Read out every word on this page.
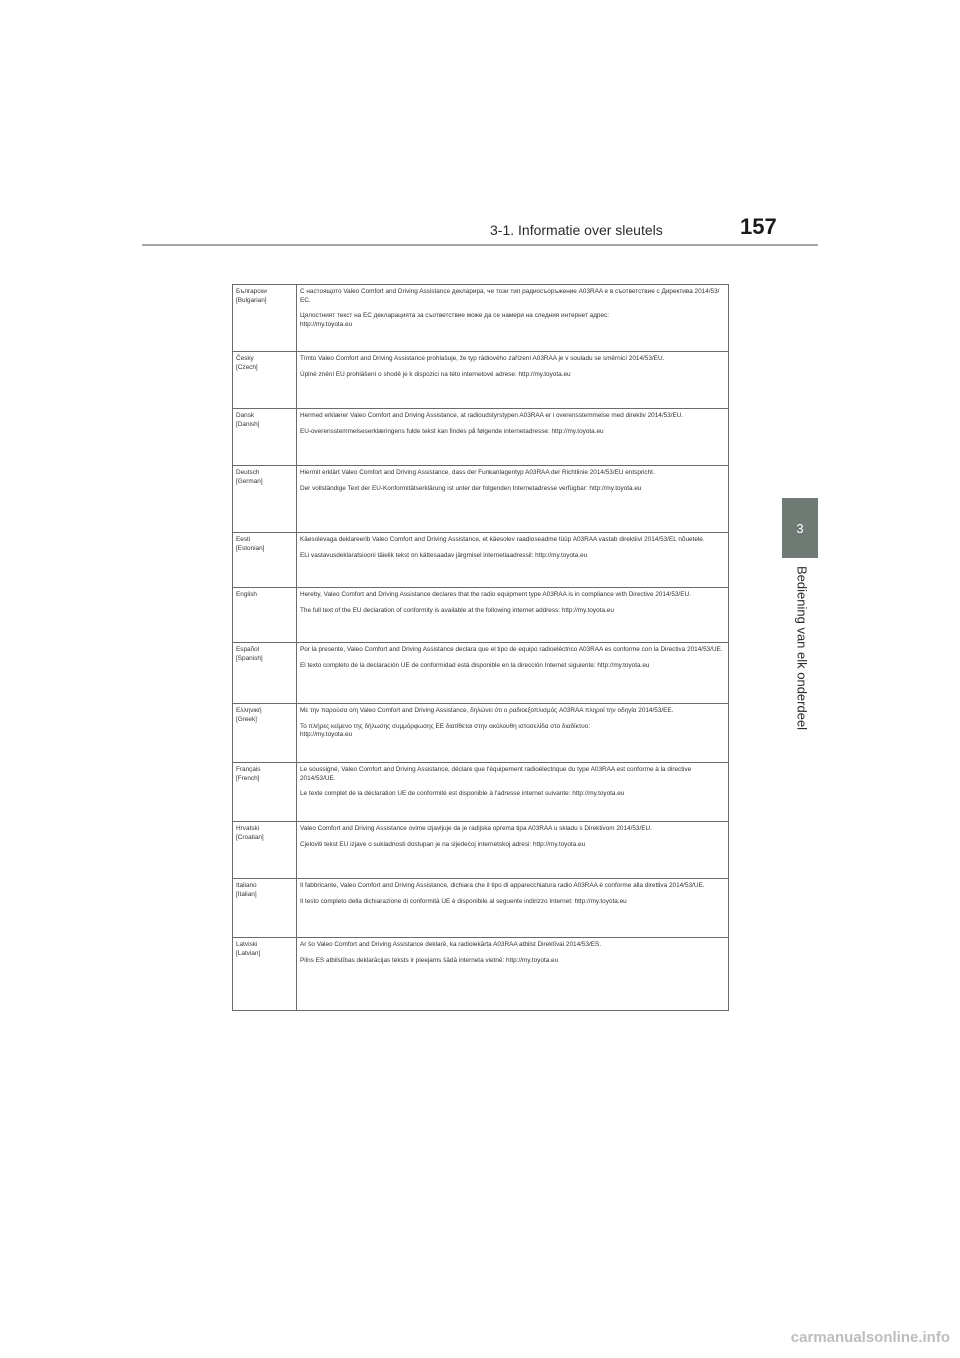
3-1. Informatie over sleutels	157
3
Bediening van elk onderdeel
Български
[Bulgarian]	С настоящото Valeo Comfort and Driving Assistance декларира, че този тип радиосъоръжение A03RAA е в съответствие с Директива 2014/53/ЕС.
Цялостният текст на ЕС декларацията за съответствие може да се намери на следния интернет адрес:
http://my.toyota.eu

Česky
[Czech]	Tímto Valeo Comfort and Driving Assistance prohlašuje, že typ rádiového zařízení A03RAA je v souladu se směrnicí 2014/53/EU.
Úplné znění EU prohlášení o shodě je k dispozici na této internetové adrese: http://my.toyota.eu

Dansk
[Danish]	Hermed erklærer Valeo Comfort and Driving Assistance, at radioudstyrstypen A03RAA er i overensstemmelse med direktiv 2014/53/EU.
EU-overensstemmelseserklæringens fulde tekst kan findes på følgende internetadresse: http://my.toyota.eu

Deutsch
[German]	Hiermit erklärt Valeo Comfort and Driving Assistance, dass der Funkanlagentyp A03RAA der Richtlinie 2014/53/EU entspricht.
Der vollständige Text der EU-Konformitätserklärung ist unter der folgenden Internetadresse verfügbar: http://my.toyota.eu

Eesti
[Estonian]	Käesolevaga deklareerib Valeo Comfort and Driving Assistance, et käesolev raadioseadme tüüp A03RAA vastab direktiivi 2014/53/EL nõuetele.
ELi vastavusdeklaratsiooni täielik tekst on kättesaadav järgmisel internetiaadressil: http://my.toyota.eu

English	Hereby, Valeo Comfort and Driving Assistance declares that the radio equipment type A03RAA is in compliance with Directive 2014/53/EU.
The full text of the EU declaration of conformity is available at the following internet address: http://my.toyota.eu

Español
[Spanish]	Por la presente, Valeo Comfort and Driving Assistance declara que el tipo de equipo radioeléctrico A03RAA es conforme con la Directiva 2014/53/UE.
El texto completo de la declaración UE de conformidad está disponible en la dirección Internet siguiente: http://my.toyota.eu

Ελληνική
[Greek]	Με την παρούσα ο/η Valeo Comfort and Driving Assistance, δηλώνει ότι ο ραδιοεξοπλισμός A03RAA πληροί την οδηγία 2014/53/ΕΕ.
Το πλήρες κείμενο της δήλωσης συμμόρφωσης ΕΕ διατίθεται στην ακόλουθη ιστοσελίδα στο διαδίκτυο:
http://my.toyota.eu

Français
[French]	Le soussigné, Valeo Comfort and Driving Assistance, déclare que l'équipement radioélectrique du type A03RAA est conforme à la directive 2014/53/UE.
Le texte complet de la déclaration UE de conformité est disponible à l'adresse internet suivante: http://my.toyota.eu

Hrvatski
[Croatian]	Valeo Comfort and Driving Assistance ovime izjavljuje da je radijska oprema tipa A03RAA u skladu s Direktivom 2014/53/EU.
Cjeloviti tekst EU izjave o sukladnosti dostupan je na sljedećoj internetskoj adresi: http://my.toyota.eu

Italiano
[Italian]	Il fabbricante, Valeo Comfort and Driving Assistance, dichiara che il tipo di apparecchiatura radio A03RAA è conforme alla direttiva 2014/53/UE.
Il testo completo della dichiarazione di conformità UE è disponibile al seguente indirizzo Internet: http://my.toyota.eu

Latviski
[Latvian]	Ar šo Valeo Comfort and Driving Assistance deklarē, ka radioiekārta A03RAA atbilst Direktīvai 2014/53/ES.
Pilns ES atbilstības deklarācijas teksts ir pieejams šādā interneta vietnē: http://my.toyota.eu
carmanualsonline.info
